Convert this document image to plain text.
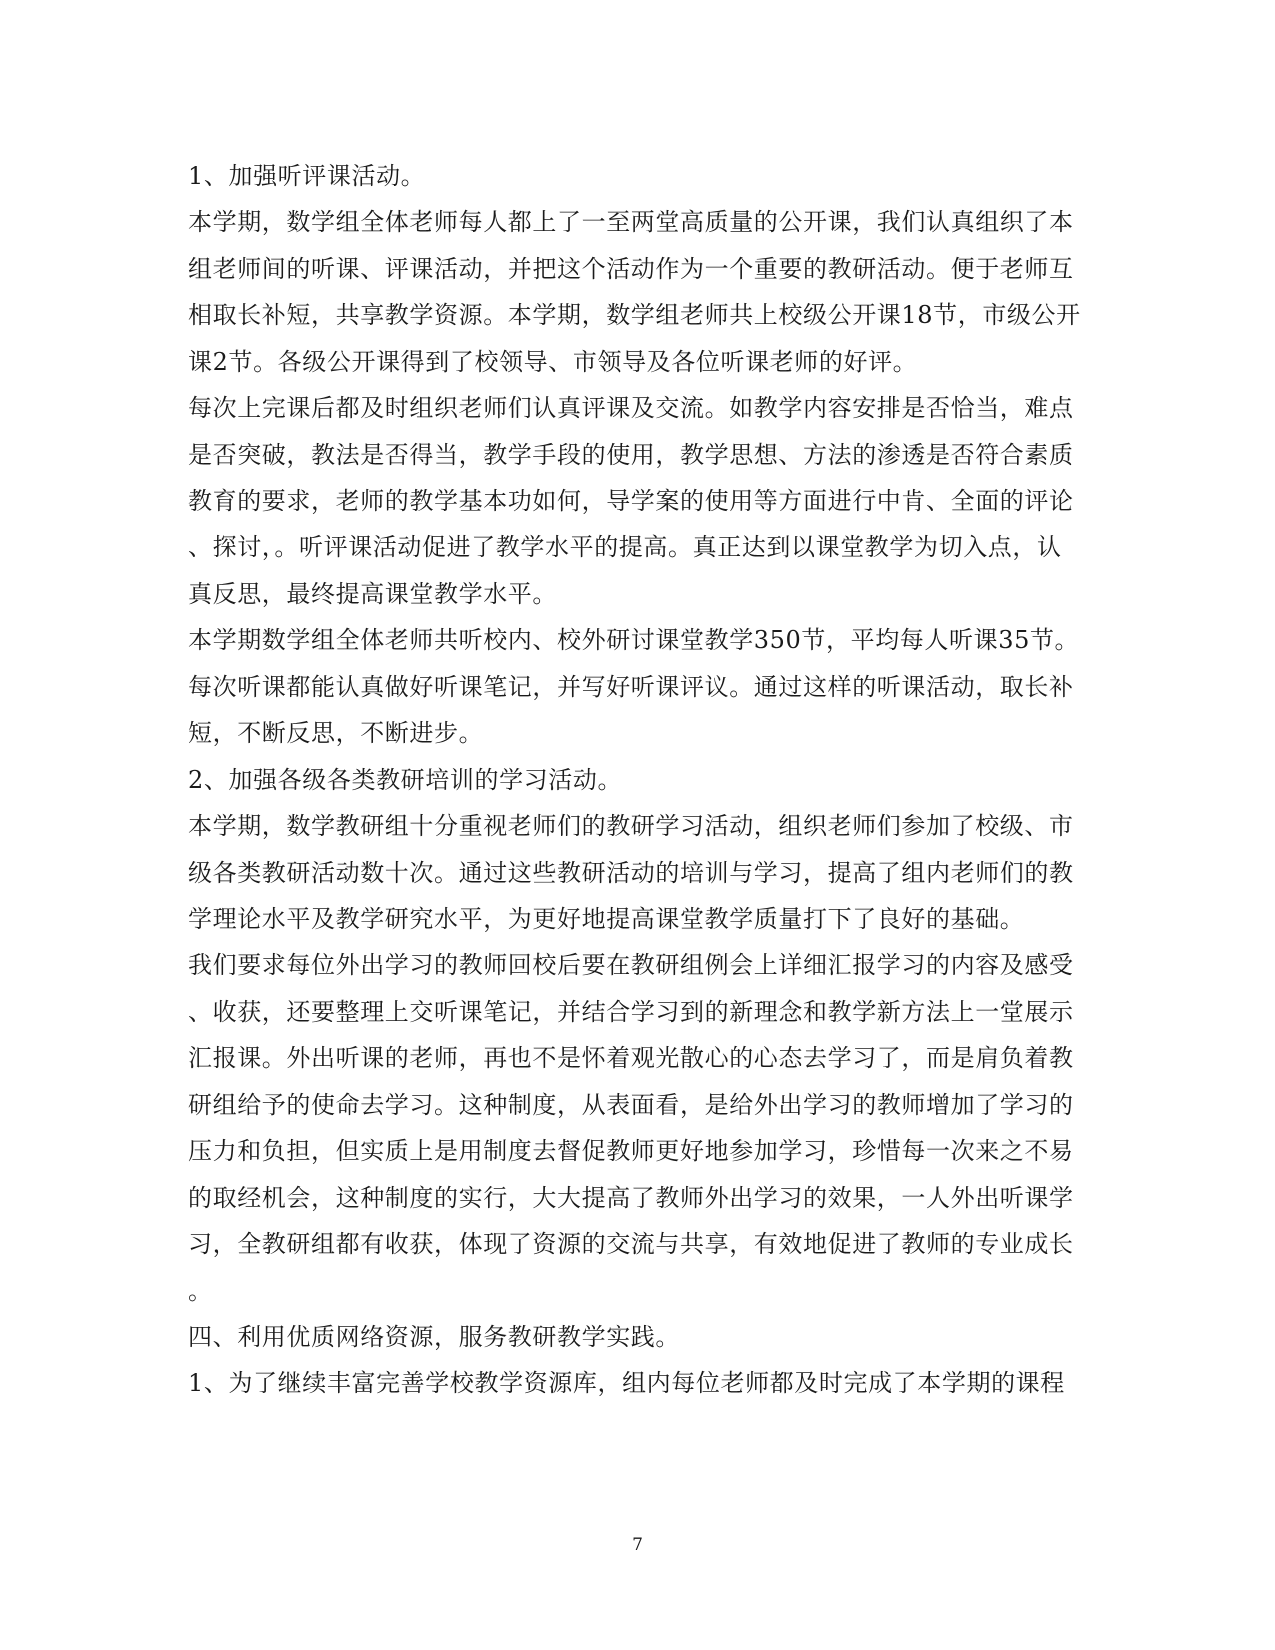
1、加强听评课活动。
本学期，数学组全体老师每人都上了一至两堂高质量的公开课，我们认真组织了本
组老师间的听课、评课活动，并把这个活动作为一个重要的教研活动。便于老师互
相取长补短，共享教学资源。本学期，数学组老师共上校级公开课18节，市级公开
课2节。各级公开课得到了校领导、市领导及各位听课老师的好评。
每次上完课后都及时组织老师们认真评课及交流。如教学内容安排是否恰当，难点
是否突破，教法是否得当，教学手段的使用，教学思想、方法的渗透是否符合素质
教育的要求，老师的教学基本功如何，导学案的使用等方面进行中肯、全面的评论
、探讨，。听评课活动促进了教学水平的提高。真正达到以课堂教学为切入点，认
真反思，最终提高课堂教学水平。
本学期数学组全体老师共听校内、校外研讨课堂教学350节，平均每人听课35节。
每次听课都能认真做好听课笔记，并写好听课评议。通过这样的听课活动，取长补
短，不断反思，不断进步。
2、加强各级各类教研培训的学习活动。
本学期，数学教研组十分重视老师们的教研学习活动，组织老师们参加了校级、市
级各类教研活动数十次。通过这些教研活动的培训与学习，提高了组内老师们的教
学理论水平及教学研究水平，为更好地提高课堂教学质量打下了良好的基础。
我们要求每位外出学习的教师回校后要在教研组例会上详细汇报学习的内容及感受
、收获，还要整理上交听课笔记，并结合学习到的新理念和教学新方法上一堂展示
汇报课。外出听课的老师，再也不是怀着观光散心的心态去学习了，而是肩负着教
研组给予的使命去学习。这种制度，从表面看，是给外出学习的教师增加了学习的
压力和负担，但实质上是用制度去督促教师更好地参加学习，珍惜每一次来之不易
的取经机会，这种制度的实行，大大提高了教师外出学习的效果，一人外出听课学
习，全教研组都有收获，体现了资源的交流与共享，有效地促进了教师的专业成长
。
四、利用优质网络资源，服务教研教学实践。
1、为了继续丰富完善学校教学资源库，组内每位老师都及时完成了本学期的课程
7
